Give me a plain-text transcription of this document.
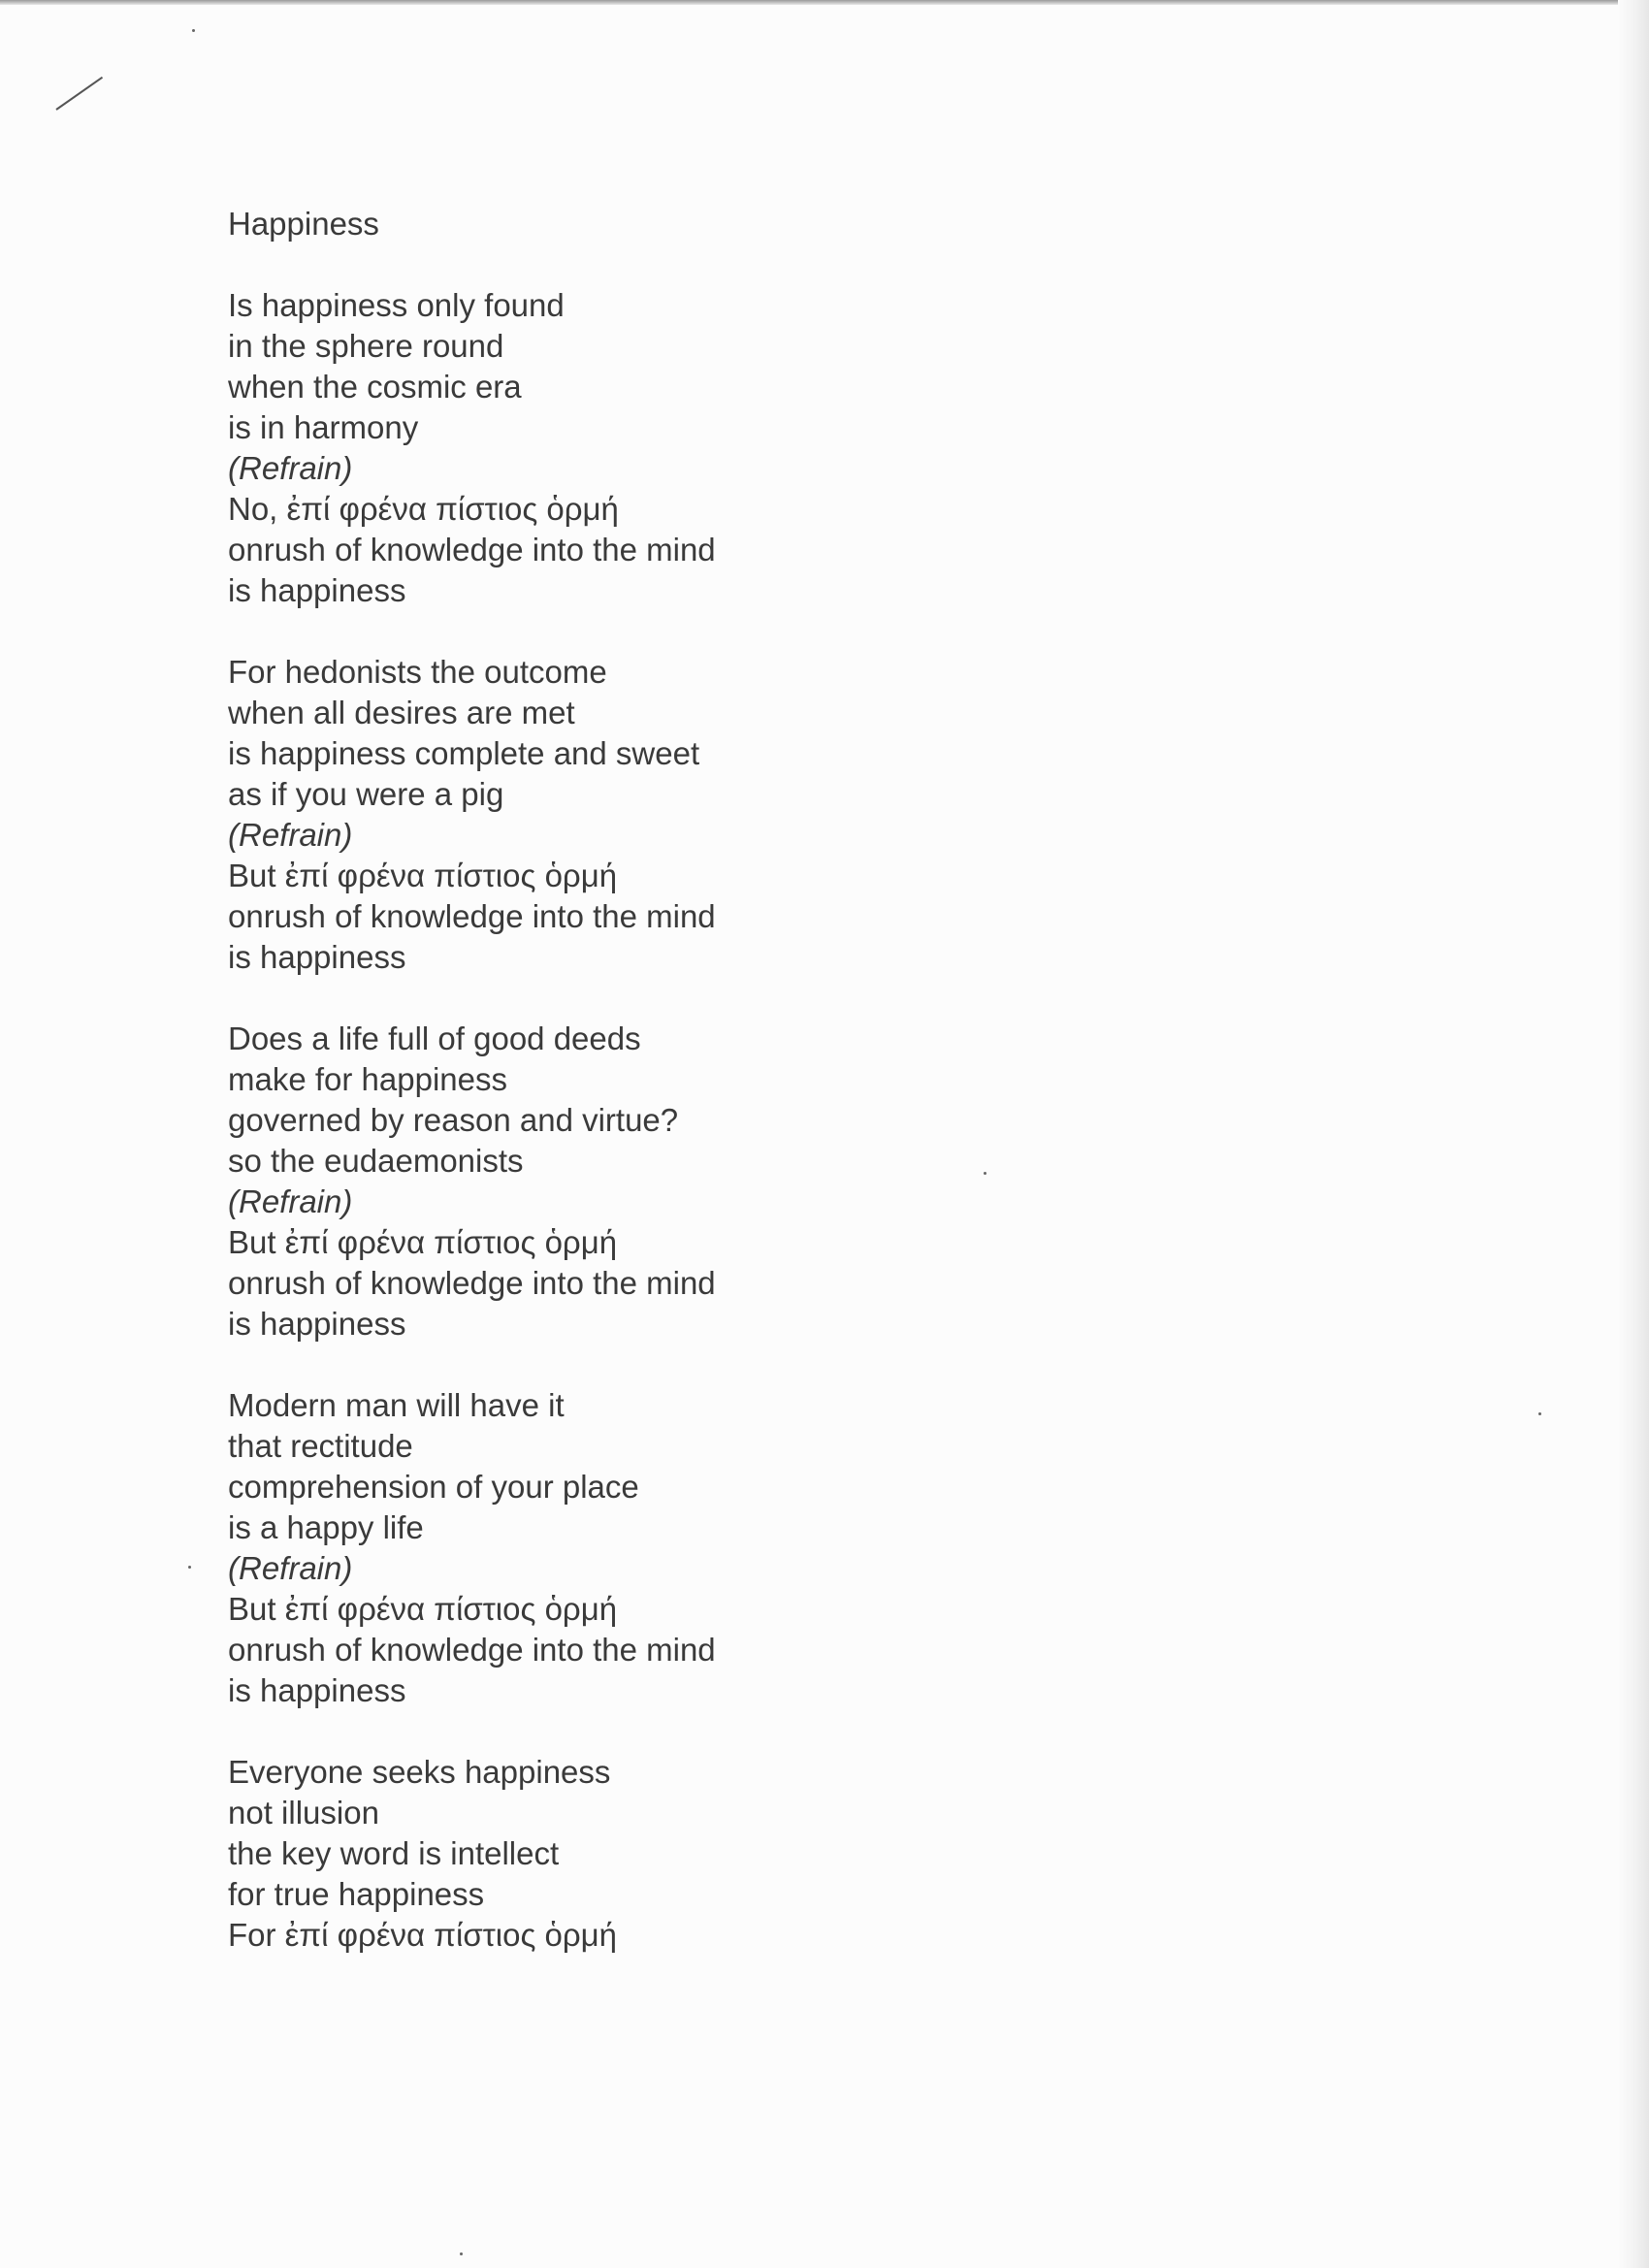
Happiness
Is happiness only found
in the sphere round
when the cosmic era
is in harmony
(Refrain)
No, ἐπί φρένα πίστιος ὁρμή
onrush of knowledge into the mind
is happiness
For hedonists the outcome
when all desires are met
is happiness complete and sweet
as if you were a pig
(Refrain)
But ἐπί φρένα πίστιος ὁρμή
onrush of knowledge into the mind
is happiness
Does a life full of good deeds
make for happiness
governed by reason and virtue?
so the eudaemonists
(Refrain)
But ἐπί φρένα πίστιος ὁρμή
onrush of knowledge into the mind
is happiness
Modern man will have it
that rectitude
comprehension of your place
is a happy life
(Refrain)
But ἐπί φρένα πίστιος ὁρμή
onrush of knowledge into the mind
is happiness
Everyone seeks happiness
not illusion
the key word is intellect
for true happiness
For ἐπί φρένα πίστιος ὁρμή
